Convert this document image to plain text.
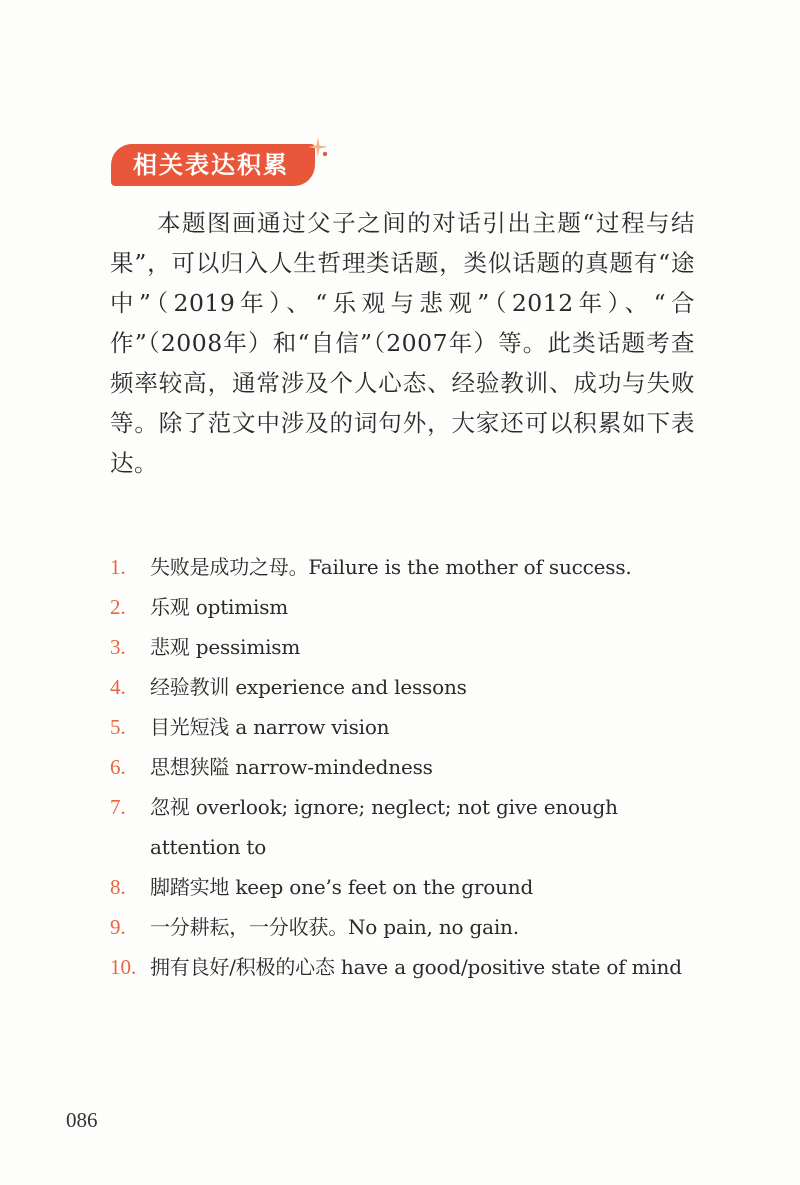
相关表达积累

本题图画通过父子之间的对话引出主题“过程与结果”，可以归入人生哲理类话题，类似话题的真题有“途中”（2019年）、“乐观与悲观”（2012年）、“合作”（2008年）和“自信”（2007年）等。此类话题考查频率较高，通常涉及个人心态、经验教训、成功与失败等。除了范文中涉及的词句外，大家还可以积累如下表达。

1.	失败是成功之母。Failure is the mother of success.
2.	乐观 optimism
3.	悲观 pessimism
4.	经验教训 experience and lessons
5.	目光短浅 a narrow vision
6.	思想狭隘 narrow-mindedness
7.	忽视 overlook; ignore; neglect; not give enough attention to
8.	脚踏实地 keep one’s feet on the ground
9.	一分耕耘，一分收获。No pain, no gain.
10. 拥有良好/积极的心态 have a good/positive state of mind
086
